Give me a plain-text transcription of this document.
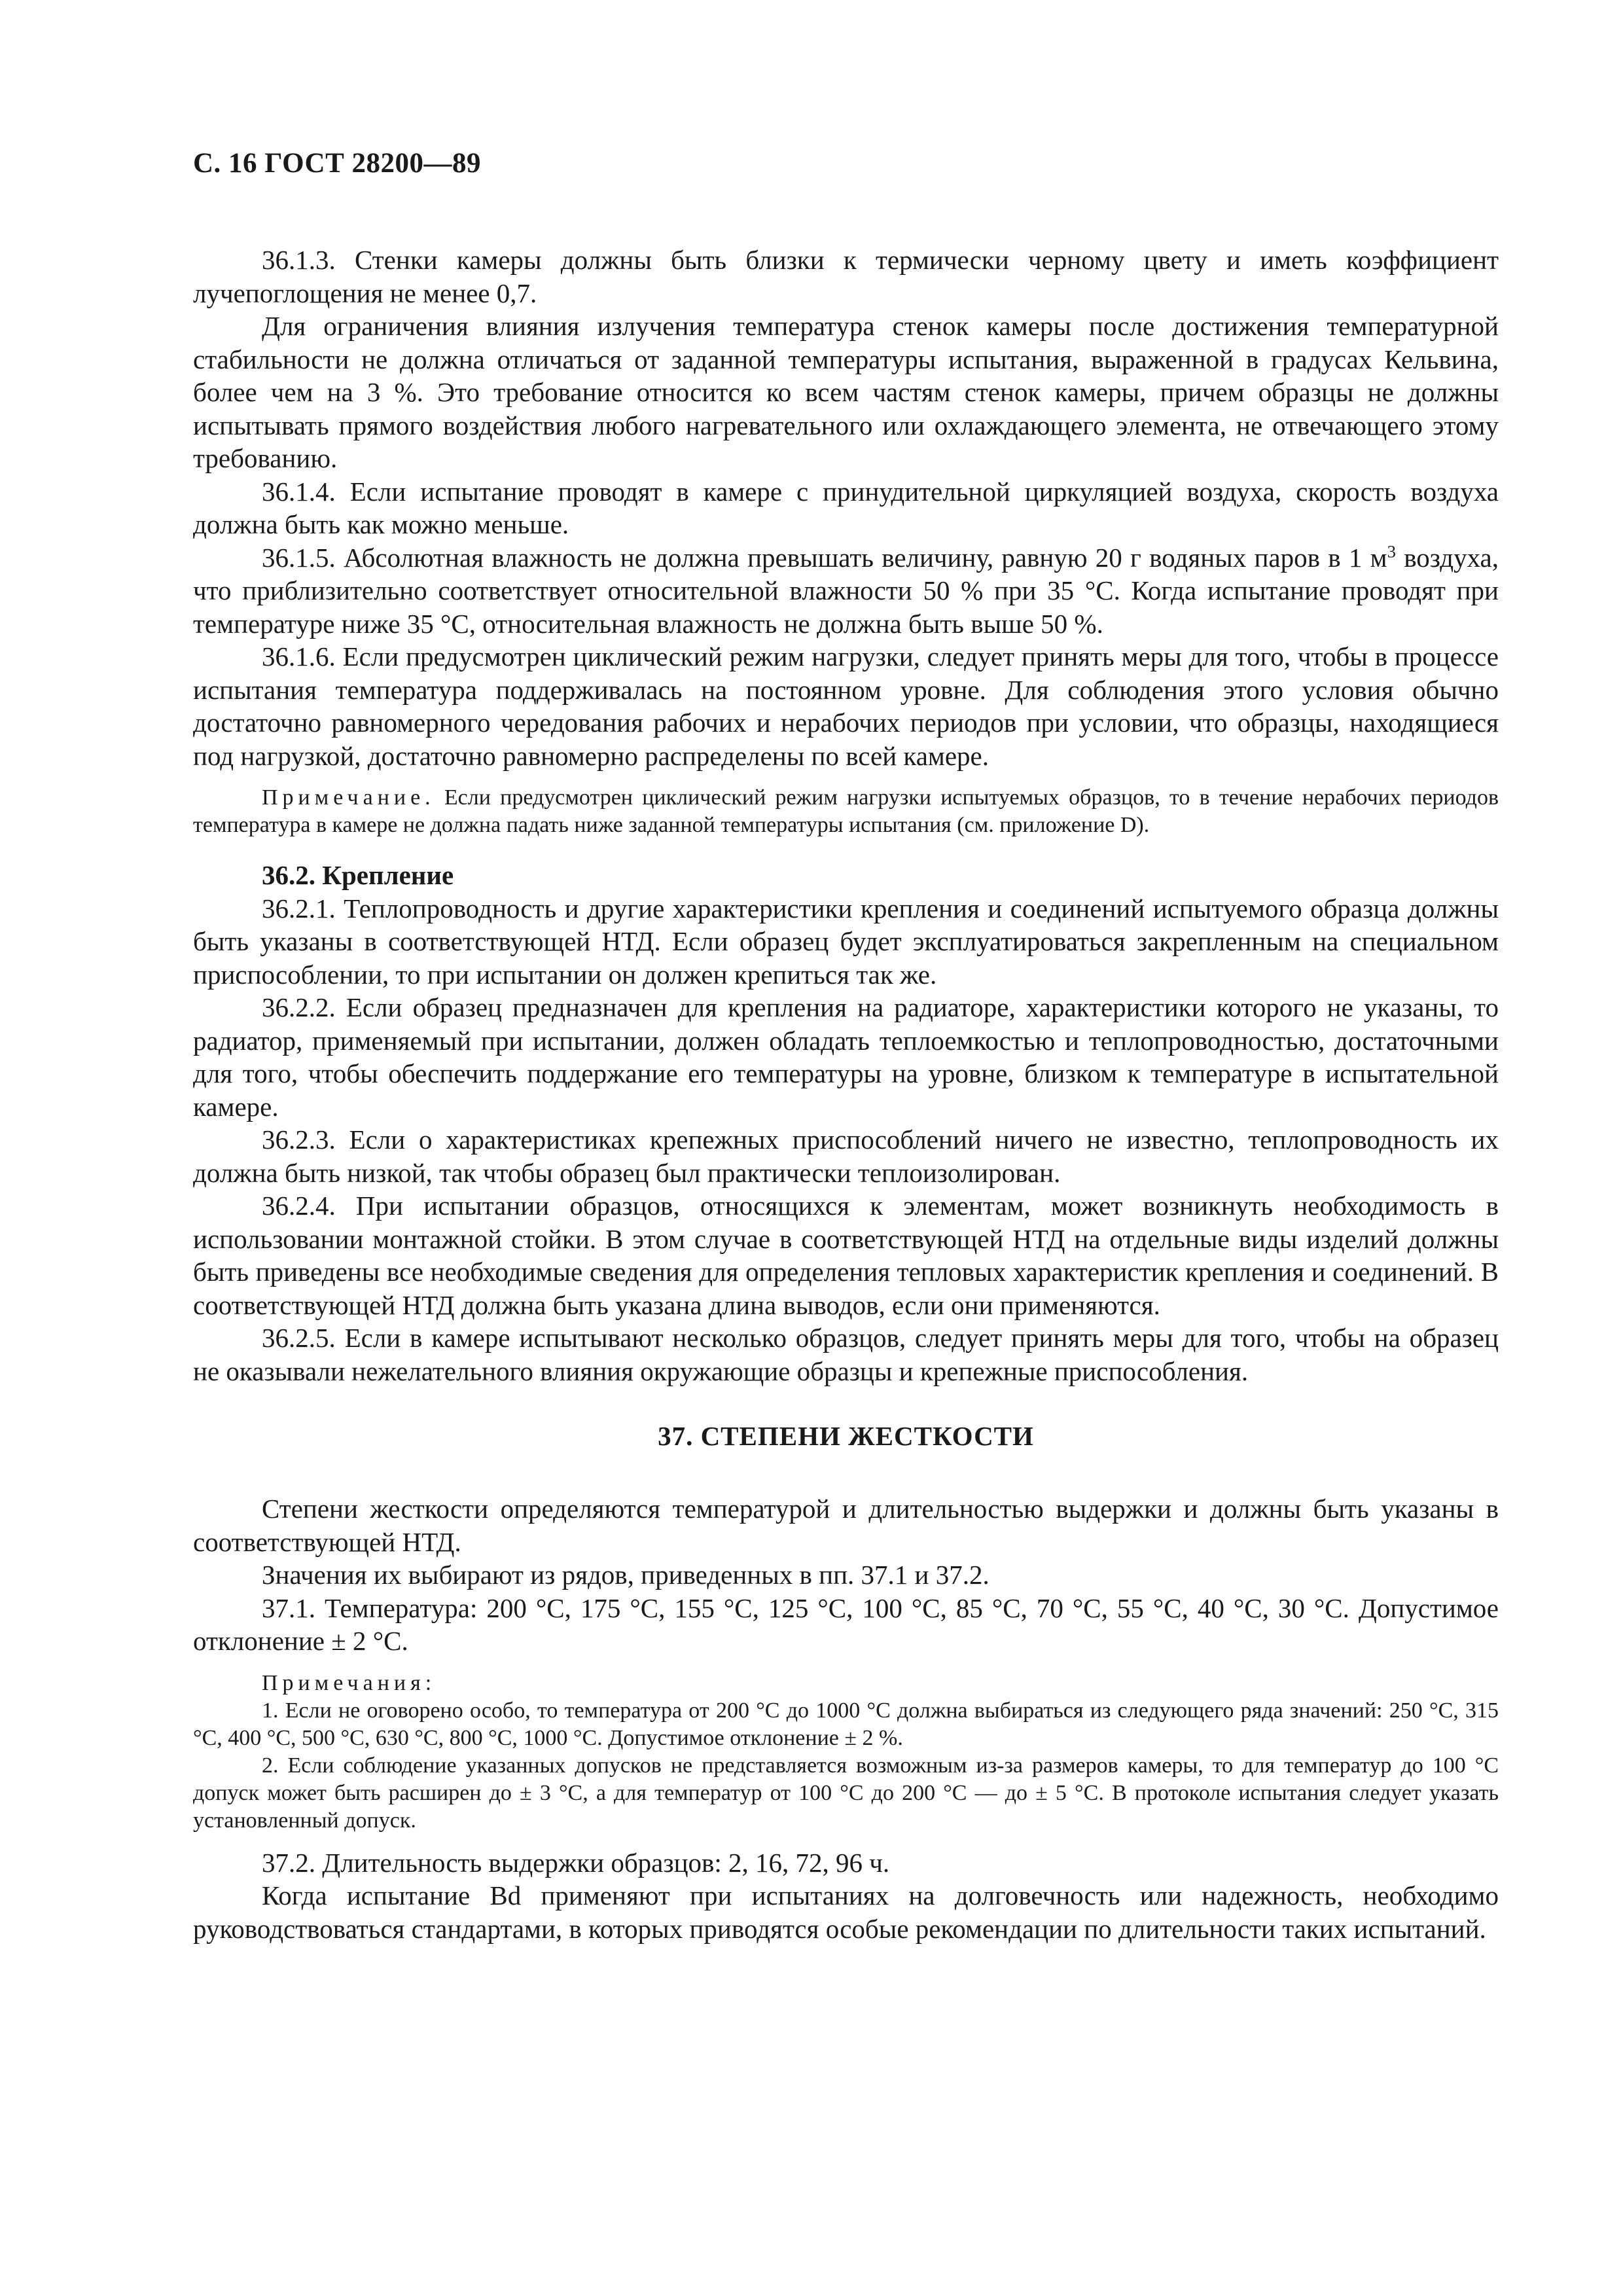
С. 16 ГОСТ 28200—89

36.1.3. Стенки камеры должны быть близки к термически черному цвету и иметь коэффициент лучепоглощения не менее 0,7.

Для ограничения влияния излучения температура стенок камеры после достижения температурной стабильности не должна отличаться от заданной температуры испытания, выраженной в градусах Кельвина, более чем на 3 %. Это требование относится ко всем частям стенок камеры, причем образцы не должны испытывать прямого воздействия любого нагревательного или охлаждающего элемента, не отвечающего этому требованию.

36.1.4. Если испытание проводят в камере с принудительной циркуляцией воздуха, скорость воздуха должна быть как можно меньше.

36.1.5. Абсолютная влажность не должна превышать величину, равную 20 г водяных паров в 1 $м^3$ воздуха, что приблизительно соответствует относительной влажности 50 % при 35 °С. Когда испытание проводят при температуре ниже 35 °С, относительная влажность не должна быть выше 50 %.

36.1.6. Если предусмотрен циклический режим нагрузки, следует принять меры для того, чтобы в процессе испытания температура поддерживалась на постоянном уровне. Для соблюдения этого условия обычно достаточно равномерного чередования рабочих и нерабочих периодов при условии, что образцы, находящиеся под нагрузкой, достаточно равномерно распределены по всей камере.

Примечание. Если предусмотрен циклический режим нагрузки испытуемых образцов, то в течение нерабочих периодов температура в камере не должна падать ниже заданной температуры испытания (см. приложение D).

36.2. Крепление

36.2.1. Теплопроводность и другие характеристики крепления и соединений испытуемого образца должны быть указаны в соответствующей НТД. Если образец будет эксплуатироваться закрепленным на специальном приспособлении, то при испытании он должен крепиться так же.

36.2.2. Если образец предназначен для крепления на радиаторе, характеристики которого не указаны, то радиатор, применяемый при испытании, должен обладать теплоемкостью и теплопроводностью, достаточными для того, чтобы обеспечить поддержание его температуры на уровне, близком к температуре в испытательной камере.

36.2.3. Если о характеристиках крепежных приспособлений ничего не известно, теплопроводность их должна быть низкой, так чтобы образец был практически теплоизолирован.

36.2.4. При испытании образцов, относящихся к элементам, может возникнуть необходимость в использовании монтажной стойки. В этом случае в соответствующей НТД на отдельные виды изделий должны быть приведены все необходимые сведения для определения тепловых характеристик крепления и соединений. В соответствующей НТД должна быть указана длина выводов, если они применяются.

36.2.5. Если в камере испытывают несколько образцов, следует принять меры для того, чтобы на образец не оказывали нежелательного влияния окружающие образцы и крепежные приспособления.

37. СТЕПЕНИ ЖЕСТКОСТИ

Степени жесткости определяются температурой и длительностью выдержки и должны быть указаны в соответствующей НТД.

Значения их выбирают из рядов, приведенных в пп. 37.1 и 37.2.

37.1. Температура: 200 °С, 175 °С, 155 °С, 125 °С, 100 °С, 85 °С, 70 °С, 55 °С, 40 °С, 30 °С. Допустимое отклонение ± 2 °С.

Примечания:

1. Если не оговорено особо, то температура от 200 °С до 1000 °С должна выбираться из следующего ряда значений: 250 °С, 315 °С, 400 °С, 500 °С, 630 °С, 800 °С, 1000 °С. Допустимое отклонение ± 2 %.

2. Если соблюдение указанных допусков не представляется возможным из-за размеров камеры, то для температур до 100 °С допуск может быть расширен до ± 3 °С, а для температур от 100 °С до 200 °С — до ± 5 °С. В протоколе испытания следует указать установленный допуск.

37.2. Длительность выдержки образцов: 2, 16, 72, 96 ч.

Когда испытание Bd применяют при испытаниях на долговечность или надежность, необходимо руководствоваться стандартами, в которых приводятся особые рекомендации по длительности таких испытаний.
